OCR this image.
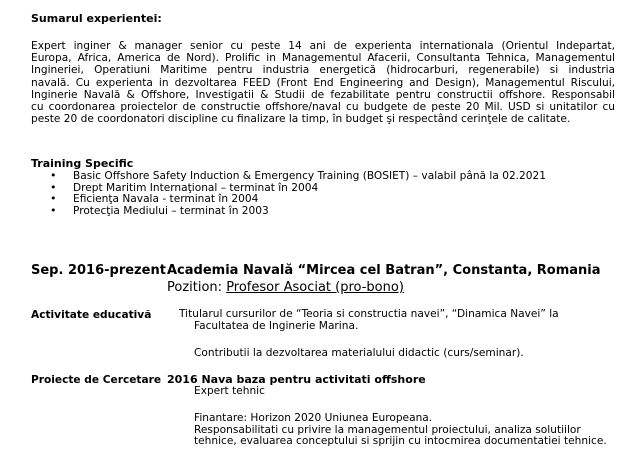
Sumarul experientei:
Expert inginer & manager senior cu peste 14 ani de experienta internationala (Orientul Indepartat,
Europa, Africa, America de Nord). Prolific in Managementul Afacerii, Consultanta Tehnica, Managementul
Ingineriei, Operatiuni Maritime pentru industria energetică (hidrocarburi, regenerabile) si industria
navală. Cu experienta in dezvoltarea FEED (Front End Engineering and Design), Managementul Riscului,
Inginerie Navală & Offshore, Investigatii & Studii de fezabilitate pentru constructii offshore. Responsabil
cu coordonarea proiectelor de constructie offshore/naval cu budgete de peste 20 Mil. USD si unitatilor cu
peste 20 de coordonatori discipline cu finalizare la timp, în budget şi respectând cerinţele de calitate.
Training Specific
• Basic Offshore Safety Induction & Emergency Training (BOSIET) – valabil până la 02.2021
• Drept Maritim Internaţional – terminat în 2004
• Eficienţa Navala - terminat în 2004
• Protecţia Mediului – terminat în 2003
Sep. 2016-prezent Academia Navală “Mircea cel Batran”, Constanta, Romania
Pozition: Profesor Asociat (pro-bono)
Activitate educativă	Titularul cursurilor de “Teoria si constructia navei”, “Dinamica Navei” la
Facultatea de Inginerie Marina.
Contributii la dezvoltarea materialului didactic (curs/seminar).
Proiecte de Cercetare 2016 Nava baza pentru activitati offshore
Expert tehnic
Finantare: Horizon 2020 Uniunea Europeana.
Responsabilitati cu privire la managementul proiectului, analiza solutiilor
tehnice, evaluarea conceptului si sprijin cu intocmirea documentatiei tehnice.
